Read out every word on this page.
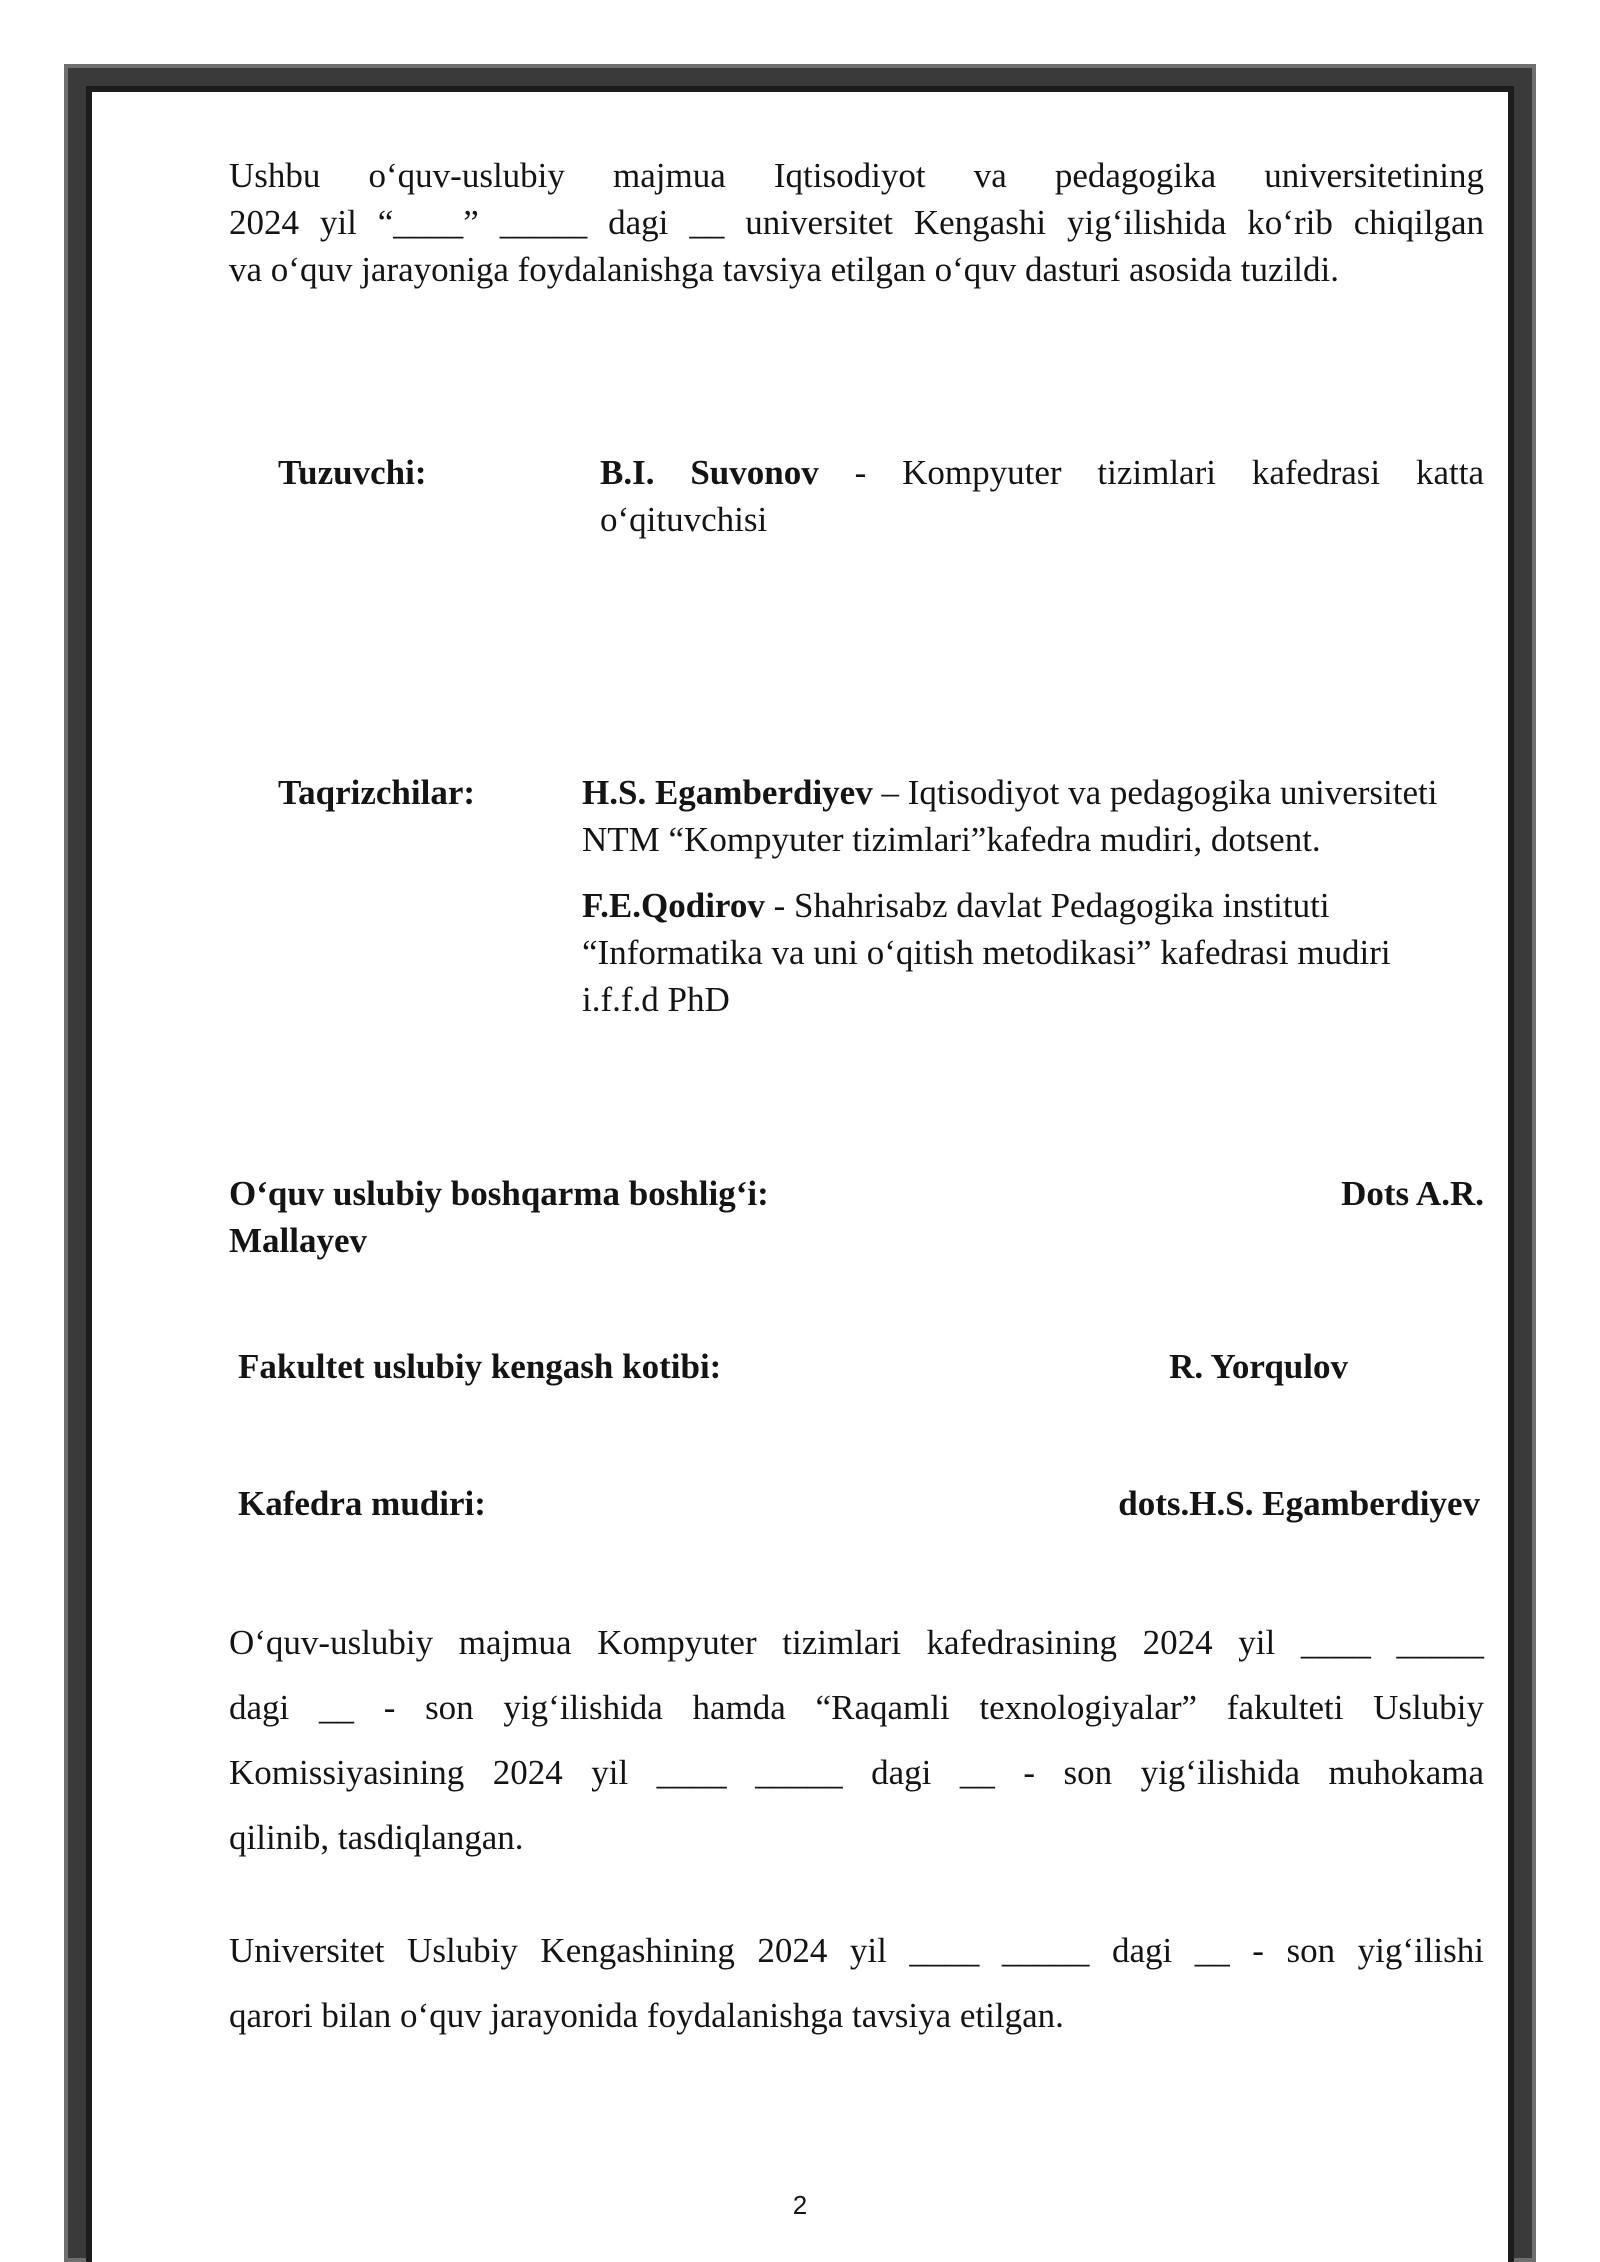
Ushbu o‘quv-uslubiy majmua Iqtisodiyot va pedagogika universitetining
2024 yil “____” _____ dagi __ universitet Kengashi yig‘ilishida ko‘rib chiqilgan
va o‘quv jarayoniga foydalanishga tavsiya etilgan o‘quv dasturi asosida tuzildi.
Tuzuvchi:	B.I. Suvonov - Kompyuter tizimlari kafedrasi katta
o‘qituvchisi
Taqrizchilar:	H.S. Egamberdiyev – Iqtisodiyot va pedagogika universiteti
NTM “Kompyuter tizimlari”kafedra mudiri, dotsent.
F.E.Qodirov - Shahrisabz davlat Pedagogika instituti
“Informatika va uni o‘qitish metodikasi” kafedrasi mudiri
i.f.f.d PhD
O‘quv uslubiy boshqarma boshlig‘i:	Dots A.R.
Mallayev
Fakultet uslubiy kengash kotibi:	R. Yorqulov
Kafedra mudiri:	dots.H.S. Egamberdiyev
O‘quv-uslubiy majmua Kompyuter tizimlari kafedrasining 2024 yil ____ _____
dagi __ - son yig‘ilishida hamda “Raqamli texnologiyalar” fakulteti Uslubiy
Komissiyasining 2024 yil ____ _____ dagi __ - son yig‘ilishida muhokama
qilinib, tasdiqlangan.
Universitet Uslubiy Kengashining 2024 yil ____ _____ dagi __ - son yig‘ilishi
qarori bilan o‘quv jarayonida foydalanishga tavsiya etilgan.
2
